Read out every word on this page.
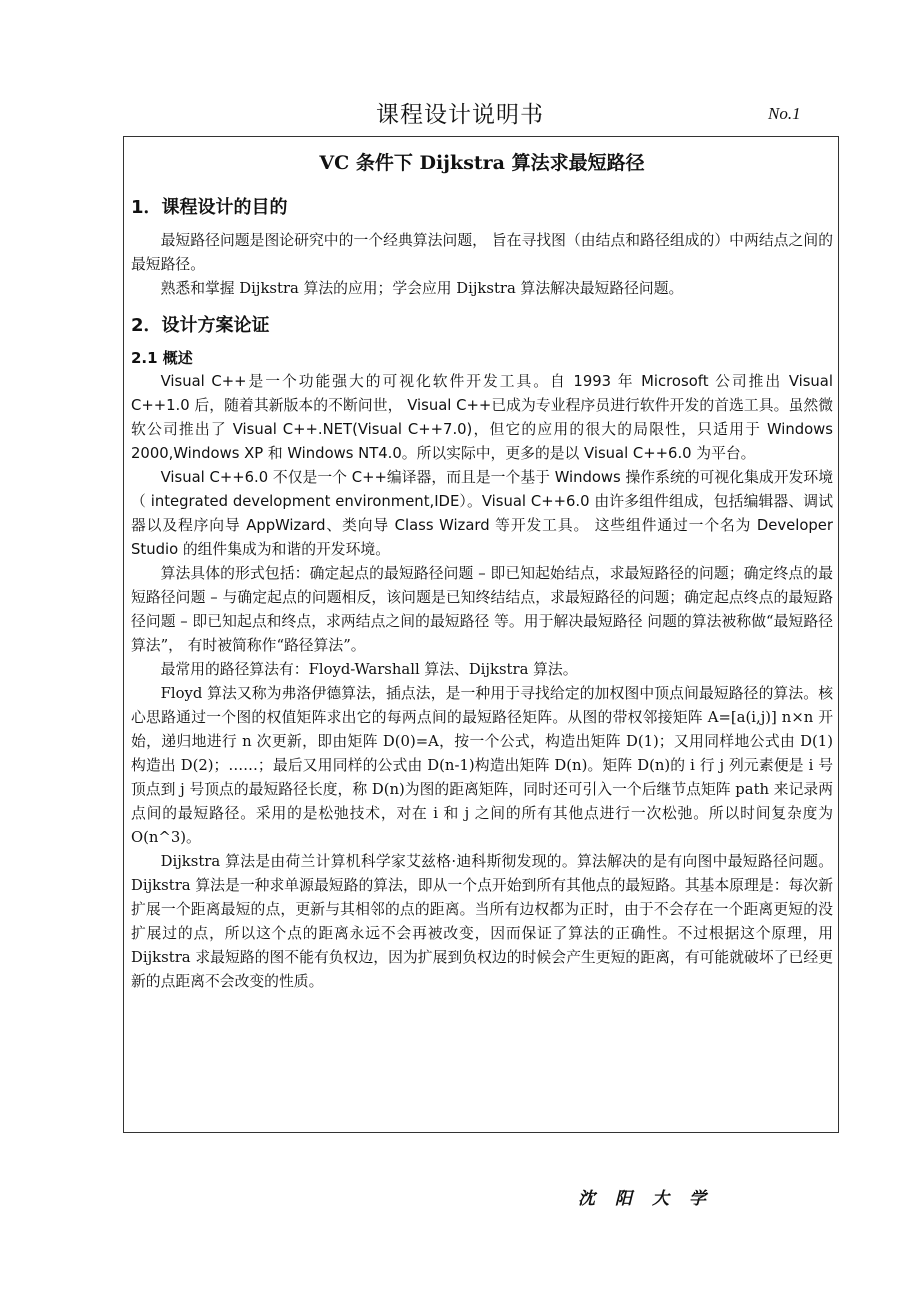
课程设计说明书	No.1
VC 条件下 Dijkstra 算法求最短路径
1．课程设计的目的

最短路径问题是图论研究中的一个经典算法问题， 旨在寻找图（由结点和路径组成的）中两结点之间的最短路径。

熟悉和掌握 Dijkstra 算法的应用；学会应用 Dijkstra 算法解决最短路径问题。

2．设计方案论证
2.1 概述

Visual C++是一个功能强大的可视化软件开发工具。自 1993 年 Microsoft 公司推出 Visual C++1.0 后，随着其新版本的不断问世， Visual C++已成为专业程序员进行软件开发的首选工具。虽然微软公司推出了 Visual C++.NET(Visual C++7.0)，但它的应用的很大的局限性，只适用于 Windows 2000,Windows XP 和 Windows NT4.0。所以实际中，更多的是以 Visual C++6.0 为平台。

Visual C++6.0 不仅是一个 C++编译器，而且是一个基于 Windows 操作系统的可视化集成开发环境（ integrated development environment,IDE）。Visual C++6.0 由许多组件组成，包括编辑器、调试器以及程序向导 AppWizard、类向导 Class Wizard 等开发工具。 这些组件通过一个名为 Developer Studio 的组件集成为和谐的开发环境。

算法具体的形式包括：确定起点的最短路径问题 – 即已知起始结点，求最短路径的问题；确定终点的最短路径问题 – 与确定起点的问题相反，该问题是已知终结结点，求最短路径的问题；确定起点终点的最短路径问题 – 即已知起点和终点，求两结点之间的最短路径 等。用于解决最短路径 问题的算法被称做“最短路径算法”， 有时被简称作“路径算法”。

最常用的路径算法有：Floyd-Warshall 算法、Dijkstra 算法。

Floyd 算法又称为弗洛伊德算法，插点法，是一种用于寻找给定的加权图中顶点间最短路径的算法。核心思路通过一个图的权值矩阵求出它的每两点间的最短路径矩阵。从图的带权邻接矩阵 A=[a(i,j)] n×n 开始，递归地进行 n 次更新，即由矩阵 D(0)=A，按一个公式，构造出矩阵 D(1)；又用同样地公式由 D(1)构造出 D(2)；……；最后又用同样的公式由 D(n-1)构造出矩阵 D(n)。矩阵 D(n)的 i 行 j 列元素便是 i 号顶点到 j 号顶点的最短路径长度，称 D(n)为图的距离矩阵，同时还可引入一个后继节点矩阵 path 来记录两点间的最短路径。采用的是松弛技术，对在 i 和 j 之间的所有其他点进行一次松弛。所以时间复杂度为 O(n^3)。

Dijkstra 算法是由荷兰计算机科学家艾兹格·迪科斯彻发现的。算法解决的是有向图中最短路径问题。Dijkstra 算法是一种求单源最短路的算法，即从一个点开始到所有其他点的最短路。其基本原理是：每次新扩展一个距离最短的点，更新与其相邻的点的距离。当所有边权都为正时，由于不会存在一个距离更短的没扩展过的点，所以这个点的距离永远不会再被改变，因而保证了算法的正确性。不过根据这个原理，用 Dijkstra 求最短路的图不能有负权边，因为扩展到负权边的时候会产生更短的距离，有可能就破坏了已经更新的点距离不会改变的性质。

沈阳大学
